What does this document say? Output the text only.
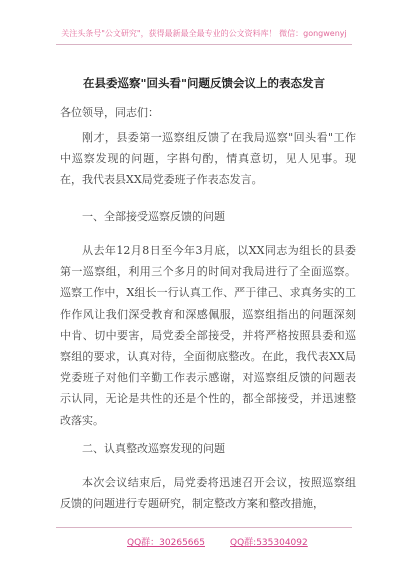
关注头条号"公文研究"，获得最新最全最专业的公文资料库！ 微信：gongwenyj
在县委巡察"回头看"问题反馈会议上的表态发言
各位领导，同志们：

刚才，县委第一巡察组反馈了在我局巡察"回头看"工作中巡察发现的问题，字斟句酌，情真意切，见人见事。现在，我代表县XX局党委班子作表态发言。

一、全部接受巡察反馈的问题

从去年12月8日至今年3月底，以XX同志为组长的县委第一巡察组，利用三个多月的时间对我局进行了全面巡察。巡察工作中，X组长一行认真工作、严于律己、求真务实的工作作风让我们深受教育和深感佩服，巡察组指出的问题深刻中肯、切中要害，局党委全部接受，并将严格按照县委和巡察组的要求，认真对待，全面彻底整改。在此，我代表XX局党委班子对他们辛勤工作表示感谢，对巡察组反馈的问题表示认同，无论是共性的还是个性的，都全部接受，并迅速整改落实。

二、认真整改巡察发现的问题

本次会议结束后，局党委将迅速召开会议，按照巡察组反馈的问题进行专题研究，制定整改方案和整改措施，

QQ群：30265665	QQ群:535304092
